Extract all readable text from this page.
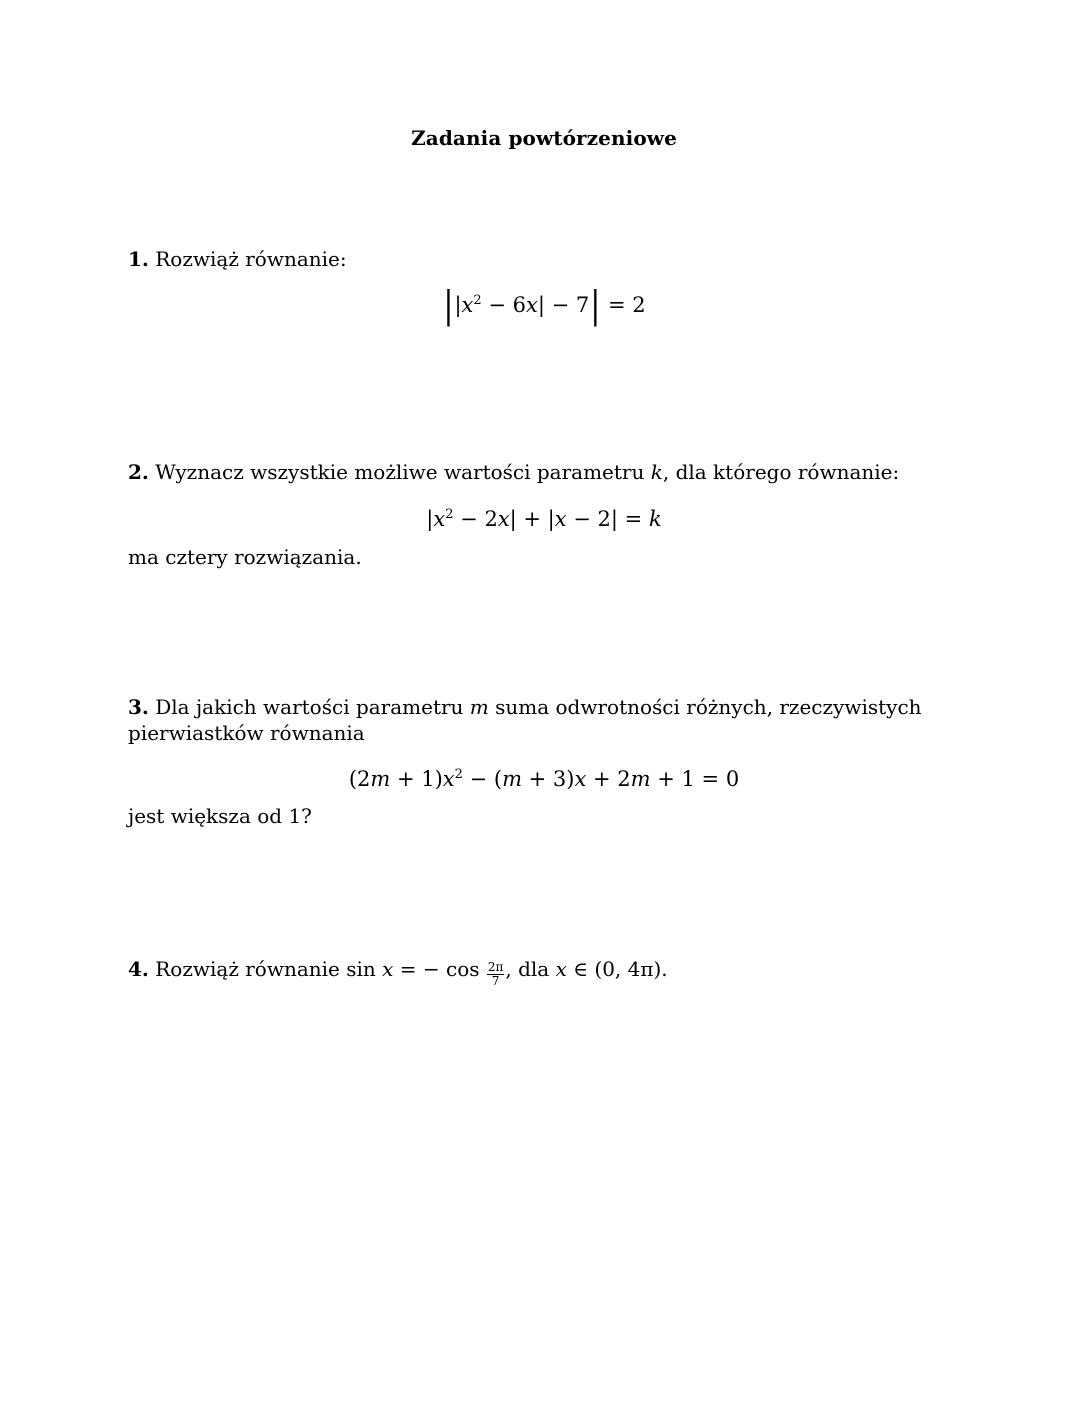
Zadania powtórzeniowe
1. Rozwiąż równanie:
$||x^2 - 6x| - 7| = 2$
2. Wyznacz wszystkie możliwe wartości parametru k, dla którego równanie:
$|x^2 - 2x| + |x - 2| = k$
ma cztery rozwiązania.
3. Dla jakich wartości parametru m suma odwrotności różnych, rzeczywistych pierwiastków równania
$(2m + 1)x^2 - (m + 3)x + 2m + 1 = 0$
jest większa od 1?
4. Rozwiąż równanie sin x = − $\cos \frac{2\pi}{7}$ , dla x ∈ (0, 4π).
